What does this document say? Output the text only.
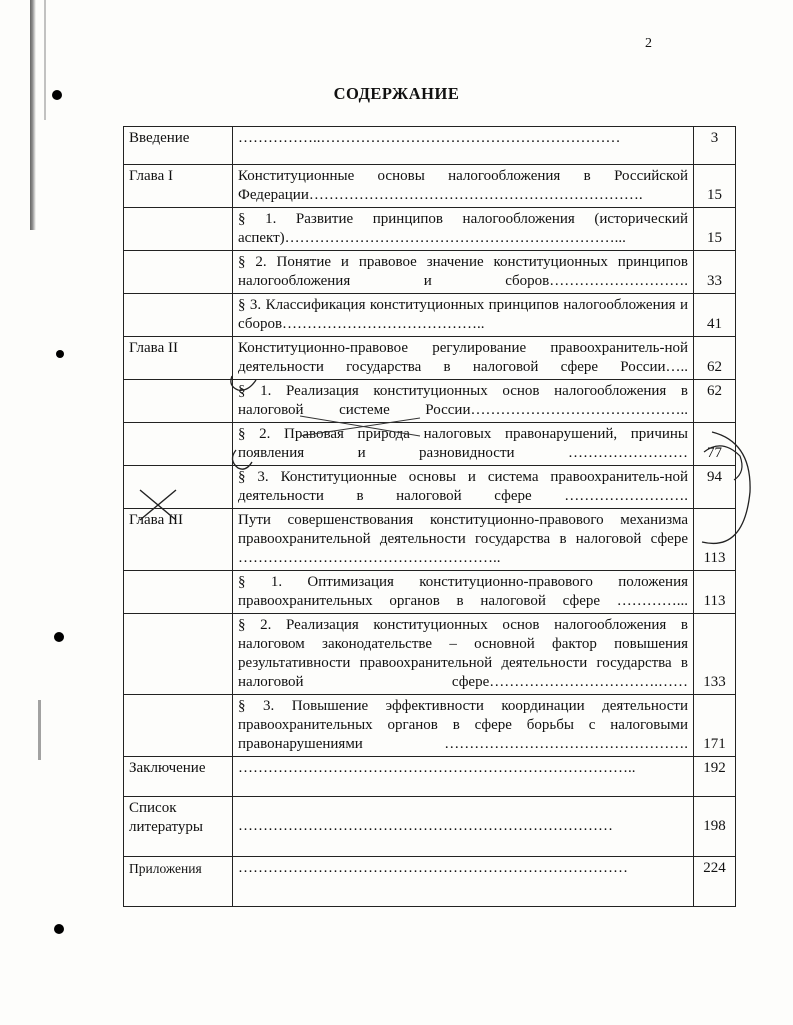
2
СОДЕРЖАНИЕ
Введение	……………..……………………………………………………	3
Глава I	Конституционные основы налогообложения в Российской Федерации………………………………………………………….	15
	§ 1. Развитие принципов налогообложения (исторический аспект)…………………………………………………………...	15
	§ 2. Понятие и правовое значение конституционных принципов налогообложения и сборов……………………….	33
	§ 3. Классификация конституционных принципов налогообложения и сборов…………………………………..	41
Глава II	Конституционно-правовое регулирование правоохранитель-ной деятельности государства в налоговой сфере России…..	62
	§ 1. Реализация конституционных основ налогообложения в налоговой системе России……………………………………..	62
	§ 2. Правовая природа налоговых правонарушений, причины появления и разновидности ……………………	77
	§ 3. Конституционные основы и система правоохранитель-ной деятельности в налоговой сфере …………………….	94
Глава III	Пути совершенствования конституционно-правового механизма правоохранительной деятельности государства в налоговой сфере ……………………………………………..	113
	§ 1. Оптимизация конституционно-правового положения правоохранительных органов в налоговой сфере …………...	113
	§ 2. Реализация конституционных основ налогообложения в налоговом законодательстве – основной фактор повышения результативности правоохранительной деятельности государства в налоговой сфере…………………………….……	133
	§ 3. Повышение эффективности координации деятельности правоохранительных органов в сфере борьбы с налоговыми правонарушениями ………………………………………….	171
Заключение	……………………………………………………………………..	192
Список литературы	…………………………………………………………………	198
Приложения	……………………………………………………………………	224
